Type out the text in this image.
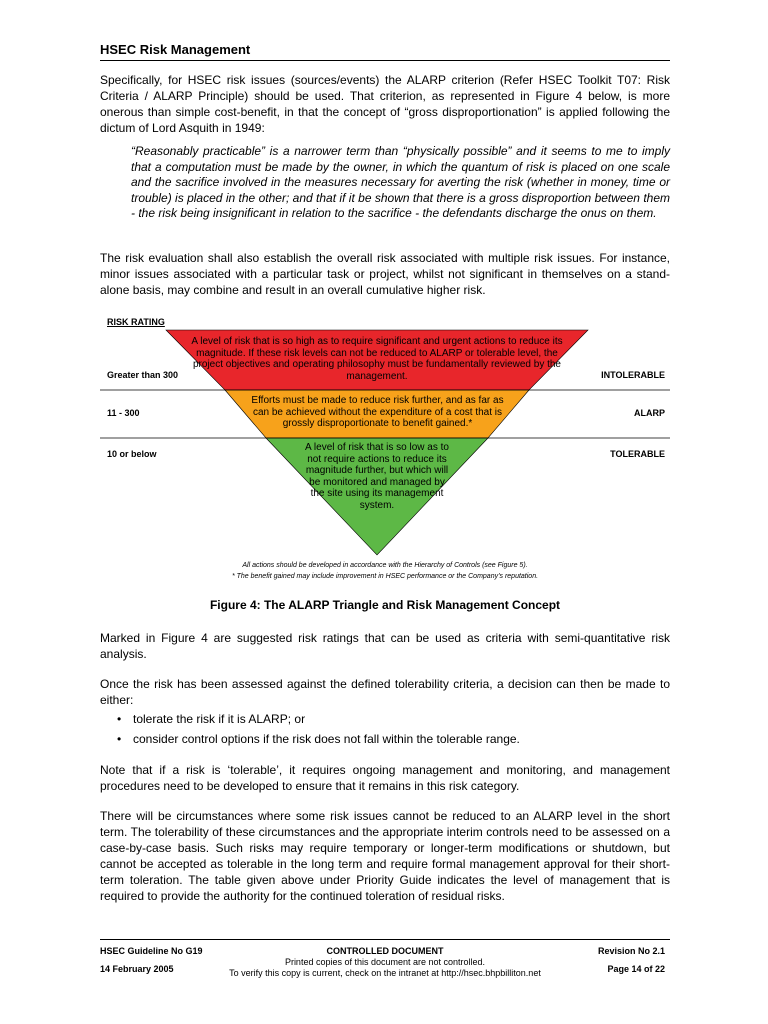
HSEC Risk Management
Specifically, for HSEC risk issues (sources/events) the ALARP criterion (Refer HSEC Toolkit T07: Risk Criteria / ALARP Principle) should be used. That criterion, as represented in Figure 4 below, is more onerous than simple cost-benefit, in that the concept of “gross disproportionation” is applied following the dictum of Lord Asquith in 1949:
“Reasonably practicable” is a narrower term than “physically possible” and it seems to me to imply that a computation must be made by the owner, in which the quantum of risk is placed on one scale and the sacrifice involved in the measures necessary for averting the risk (whether in money, time or trouble) is placed in the other; and that if it be shown that there is a gross disproportion between them - the risk being insignificant in relation to the sacrifice - the defendants discharge the onus on them.
The risk evaluation shall also establish the overall risk associated with multiple risk issues. For instance, minor issues associated with a particular task or project, whilst not significant in themselves on a stand-alone basis, may combine and result in an overall cumulative higher risk.
RISK RATING
Greater than 300	INTOLERABLE
11 - 300	ALARP
10 or below	TOLERABLE
A level of risk that is so high as to require significant and urgent actions to reduce its magnitude. If these risk levels can not be reduced to ALARP or tolerable level, the project objectives and operating philosophy must be fundamentally reviewed by the management.
Efforts must be made to reduce risk further, and as far as can be achieved without the expenditure of a cost that is grossly disproportionate to benefit gained.*
A level of risk that is so low as to not require actions to reduce its magnitude further, but which will be monitored and managed by the site using its management system.
All actions should be developed in accordance with the Hierarchy of Controls (see Figure 5).
* The benefit gained may include improvement in HSEC performance or the Company’s reputation.
Figure 4: The ALARP Triangle and Risk Management Concept
Marked in Figure 4 are suggested risk ratings that can be used as criteria with semi-quantitative risk analysis.
Once the risk has been assessed against the defined tolerability criteria, a decision can then be made to either:
• tolerate the risk if it is ALARP; or
• consider control options if the risk does not fall within the tolerable range.
Note that if a risk is ‘tolerable’, it requires ongoing management and monitoring, and management procedures need to be developed to ensure that it remains in this risk category.
There will be circumstances where some risk issues cannot be reduced to an ALARP level in the short term. The tolerability of these circumstances and the appropriate interim controls need to be assessed on a case-by-case basis. Such risks may require temporary or longer-term modifications or shutdown, but cannot be accepted as tolerable in the long term and require formal management approval for their short-term toleration. The table given above under Priority Guide indicates the level of management that is required to provide the authority for the continued toleration of residual risks.
HSEC Guideline No G19
14 February 2005
CONTROLLED DOCUMENT
Printed copies of this document are not controlled.
To verify this copy is current, check on the intranet at http://hsec.bhpbilliton.net
Revision No 2.1
Page 14 of 22
